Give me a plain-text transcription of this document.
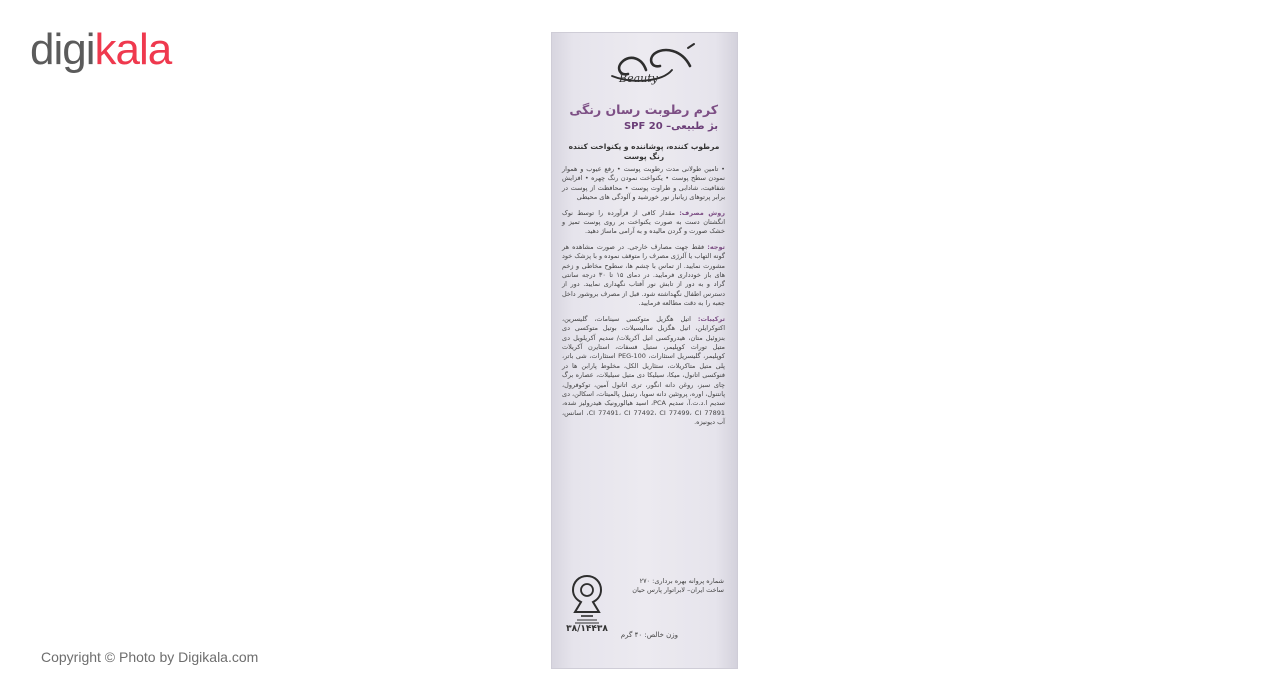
digikala
Beauty
کرم رطوبت رسان رنگی
بژ طبیعی– SPF 20
مرطوب کننده، پوشاننده و یکنواخت کننده رنگ پوست

• تامین طولانی مدت رطوبت پوست • رفع عیوب و هموار نمودن سطح پوست • یکنواخت نمودن رنگ چهره • افزایش شفافیت، شادابی و طراوت پوست • محافظت از پوست در برابر پرتوهای زیانبار نور خورشید و آلودگی های محیطی

روش مصرف: مقدار کافی از فرآورده را توسط نوک انگشتان دست به صورت یکنواخت بر روی پوست تمیز و خشک صورت و گردن مالیده و به آرامی ماساژ دهید.

توجه: فقط جهت مصارف خارجی. در صورت مشاهده هر گونه التهاب یا آلرژی مصرف را متوقف نموده و با پزشک خود مشورت نمایید. از تماس با چشم ها، سطوح مخاطی و زخم های باز خودداری فرمایید. در دمای ۱۵ تا ۳۰ درجه سانتی گراد و به دور از تابش نور آفتاب نگهداری نمایید. دور از دسترس اطفال نگهداشته شود. قبل از مصرف بروشور داخل جعبه را به دقت مطالعه فرمایید.

ترکیبات: اتیل هگزیل متوکسی سینامات، گلیسرین، اکتوکرایلن، اتیل هگزیل سالیسیلات، بوتیل متوکسی دی بنزوئیل متان، هیدروکسی اتیل آکریلات/ سدیم آکریلویل دی متیل تورات کوپلیمر، ستیل فسفات، استایرن آکریلات کوپلیمر، گلیسریل استئارات، PEG-100 استئارات، شی باتر، پلی متیل متاکریلات، ستئاریل الکل، مخلوط پارابن ها در فنوکسی اتانول، میکا، سیلیکا دی متیل سیلیلات، عصاره برگ چای سبز، روغن دانه انگور، تری اتانول آمین، توکوفرول، پانتنول، اوره، پروتئین دانه سویا، رتینیل پالمیتات، اسکالن، دی سدیم ا.د.ت.آ، سدیم PCA، اسید هیالورونیک هیدرولیز شده، CI 77491، CI 77492، CI 77499، CI 77891، اسانس، آب دیونیزه.

شماره پروانه بهره برداری: ۲۷۰
ساخت ایران– لابراتوار پارس حیان
۳۸/۱۴۴۳۸
وزن خالص: ۴۰ گرم
Copyright © Photo by Digikala.com
